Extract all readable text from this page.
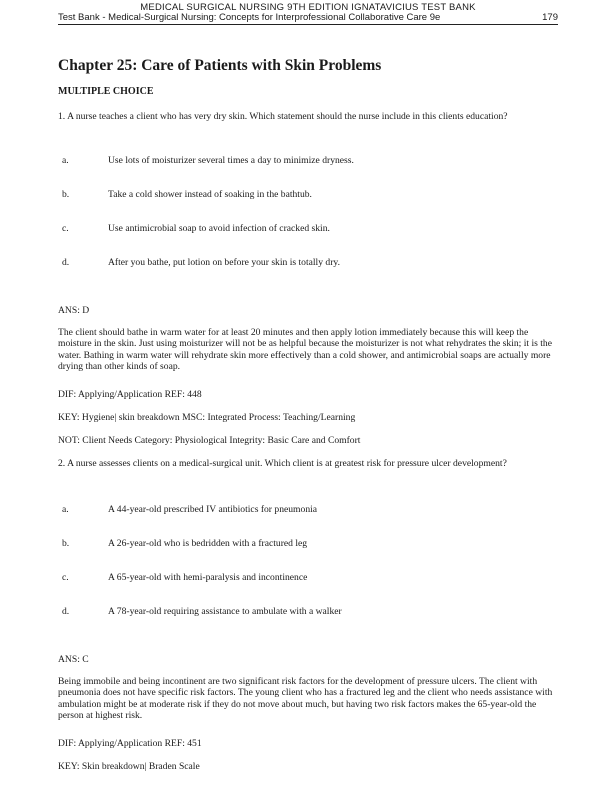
MEDICAL SURGICAL NURSING 9TH EDITION IGNATAVICIUS TEST BANK
Test Bank - Medical-Surgical Nursing: Concepts for Interprofessional Collaborative Care 9e	179
Chapter 25: Care of Patients with Skin Problems
MULTIPLE CHOICE
1. A nurse teaches a client who has very dry skin. Which statement should the nurse include in this clients education?
a.	Use lots of moisturizer several times a day to minimize dryness.
b.	Take a cold shower instead of soaking in the bathtub.
c.	Use antimicrobial soap to avoid infection of cracked skin.
d.	After you bathe, put lotion on before your skin is totally dry.
ANS: D
The client should bathe in warm water for at least 20 minutes and then apply lotion immediately because this will keep the moisture in the skin. Just using moisturizer will not be as helpful because the moisturizer is not what rehydrates the skin; it is the water. Bathing in warm water will rehydrate skin more effectively than a cold shower, and antimicrobial soaps are actually more drying than other kinds of soap.
DIF: Applying/Application REF: 448
KEY: Hygiene| skin breakdown MSC: Integrated Process: Teaching/Learning
NOT: Client Needs Category: Physiological Integrity: Basic Care and Comfort
2. A nurse assesses clients on a medical-surgical unit. Which client is at greatest risk for pressure ulcer development?
a.	A 44-year-old prescribed IV antibiotics for pneumonia
b.	A 26-year-old who is bedridden with a fractured leg
c.	A 65-year-old with hemi-paralysis and incontinence
d.	A 78-year-old requiring assistance to ambulate with a walker
ANS: C
Being immobile and being incontinent are two significant risk factors for the development of pressure ulcers. The client with pneumonia does not have specific risk factors. The young client who has a fractured leg and the client who needs assistance with ambulation might be at moderate risk if they do not move about much, but having two risk factors makes the 65-year-old the person at highest risk.
DIF: Applying/Application REF: 451
KEY: Skin breakdown| Braden Scale
